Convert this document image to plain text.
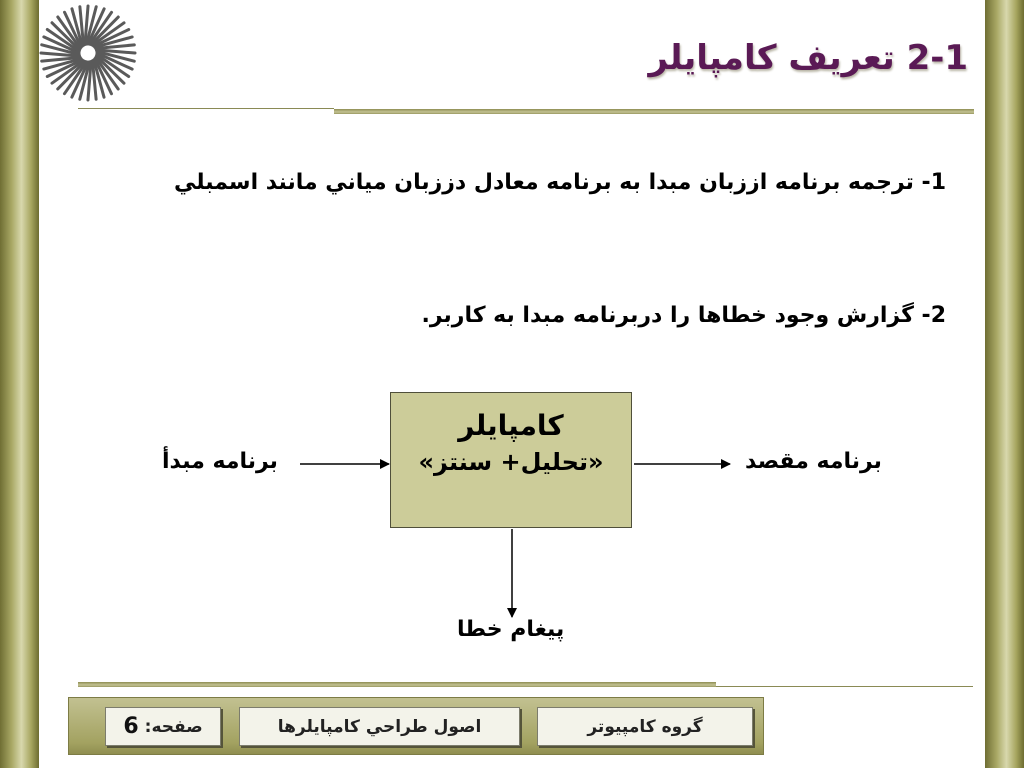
2-1 تعريف کامپايلر
1- ترجمه برنامه اززبان مبدا به برنامه معادل دززبان مياني مانند اسمبلي
2- گزارش وجود خطاها را دربرنامه مبدا به کاربر.
کامپايلر
«تحليل+ سنتز»
برنامه مبدأ	برنامه مقصد
پيغام خطا
گروه کامپيوتر
اصول طراحي کامپايلرها
صفحه:
6
